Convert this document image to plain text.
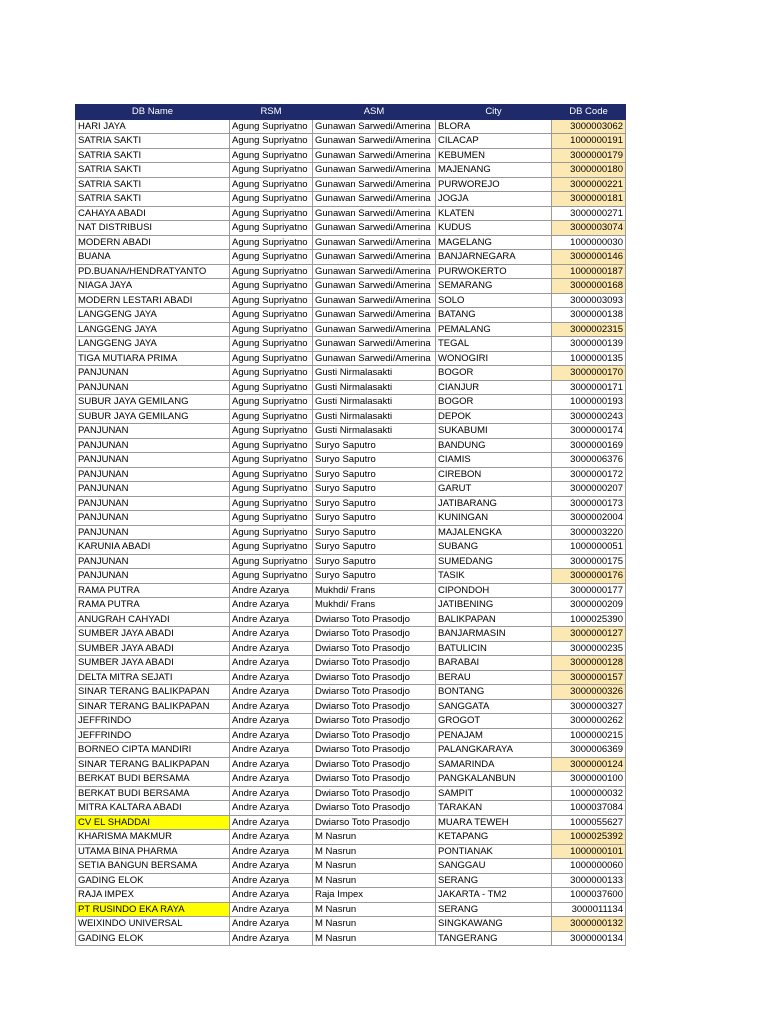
DB Name	RSM	ASM	City	DB Code
HARI JAYA	Agung Supriyatno	Gunawan Sarwedi/Amerina	BLORA	3000003062
SATRIA SAKTI	Agung Supriyatno	Gunawan Sarwedi/Amerina	CILACAP	1000000191
SATRIA SAKTI	Agung Supriyatno	Gunawan Sarwedi/Amerina	KEBUMEN	3000000179
SATRIA SAKTI	Agung Supriyatno	Gunawan Sarwedi/Amerina	MAJENANG	3000000180
SATRIA SAKTI	Agung Supriyatno	Gunawan Sarwedi/Amerina	PURWOREJO	3000000221
SATRIA SAKTI	Agung Supriyatno	Gunawan Sarwedi/Amerina	JOGJA	3000000181
CAHAYA ABADI	Agung Supriyatno	Gunawan Sarwedi/Amerina	KLATEN	3000000271
NAT DISTRIBUSI	Agung Supriyatno	Gunawan Sarwedi/Amerina	KUDUS	3000003074
MODERN ABADI	Agung Supriyatno	Gunawan Sarwedi/Amerina	MAGELANG	1000000030
BUANA	Agung Supriyatno	Gunawan Sarwedi/Amerina	BANJARNEGARA	3000000146
PD.BUANA/HENDRATYANTO	Agung Supriyatno	Gunawan Sarwedi/Amerina	PURWOKERTO	1000000187
NIAGA JAYA	Agung Supriyatno	Gunawan Sarwedi/Amerina	SEMARANG	3000000168
MODERN LESTARI ABADI	Agung Supriyatno	Gunawan Sarwedi/Amerina	SOLO	3000003093
LANGGENG JAYA	Agung Supriyatno	Gunawan Sarwedi/Amerina	BATANG	3000000138
LANGGENG JAYA	Agung Supriyatno	Gunawan Sarwedi/Amerina	PEMALANG	3000002315
LANGGENG JAYA	Agung Supriyatno	Gunawan Sarwedi/Amerina	TEGAL	3000000139
TIGA MUTIARA PRIMA	Agung Supriyatno	Gunawan Sarwedi/Amerina	WONOGIRI	1000000135
PANJUNAN	Agung Supriyatno	Gusti Nirmalasakti	BOGOR	3000000170
PANJUNAN	Agung Supriyatno	Gusti Nirmalasakti	CIANJUR	3000000171
SUBUR JAYA GEMILANG	Agung Supriyatno	Gusti Nirmalasakti	BOGOR	1000000193
SUBUR JAYA GEMILANG	Agung Supriyatno	Gusti Nirmalasakti	DEPOK	3000000243
PANJUNAN	Agung Supriyatno	Gusti Nirmalasakti	SUKABUMI	3000000174
PANJUNAN	Agung Supriyatno	Suryo Saputro	BANDUNG	3000000169
PANJUNAN	Agung Supriyatno	Suryo Saputro	CIAMIS	3000006376
PANJUNAN	Agung Supriyatno	Suryo Saputro	CIREBON	3000000172
PANJUNAN	Agung Supriyatno	Suryo Saputro	GARUT	3000000207
PANJUNAN	Agung Supriyatno	Suryo Saputro	JATIBARANG	3000000173
PANJUNAN	Agung Supriyatno	Suryo Saputro	KUNINGAN	3000002004
PANJUNAN	Agung Supriyatno	Suryo Saputro	MAJALENGKA	3000003220
KARUNIA ABADI	Agung Supriyatno	Suryo Saputro	SUBANG	1000000051
PANJUNAN	Agung Supriyatno	Suryo Saputro	SUMEDANG	3000000175
PANJUNAN	Agung Supriyatno	Suryo Saputro	TASIK	3000000176
RAMA PUTRA	Andre Azarya	Mukhdi/ Frans	CIPONDOH	3000000177
RAMA PUTRA	Andre Azarya	Mukhdi/ Frans	JATIBENING	3000000209
ANUGRAH CAHYADI	Andre Azarya	Dwiarso Toto Prasodjo	BALIKPAPAN	1000025390
SUMBER JAYA ABADI	Andre Azarya	Dwiarso Toto Prasodjo	BANJARMASIN	3000000127
SUMBER JAYA ABADI	Andre Azarya	Dwiarso Toto Prasodjo	BATULICIN	3000000235
SUMBER JAYA ABADI	Andre Azarya	Dwiarso Toto Prasodjo	BARABAI	3000000128
DELTA MITRA SEJATI	Andre Azarya	Dwiarso Toto Prasodjo	BERAU	3000000157
SINAR TERANG BALIKPAPAN	Andre Azarya	Dwiarso Toto Prasodjo	BONTANG	3000000326
SINAR TERANG BALIKPAPAN	Andre Azarya	Dwiarso Toto Prasodjo	SANGGATA	3000000327
JEFFRINDO	Andre Azarya	Dwiarso Toto Prasodjo	GROGOT	3000000262
JEFFRINDO	Andre Azarya	Dwiarso Toto Prasodjo	PENAJAM	1000000215
BORNEO CIPTA MANDIRI	Andre Azarya	Dwiarso Toto Prasodjo	PALANGKARAYA	3000006369
SINAR TERANG BALIKPAPAN	Andre Azarya	Dwiarso Toto Prasodjo	SAMARINDA	3000000124
BERKAT BUDI BERSAMA	Andre Azarya	Dwiarso Toto Prasodjo	PANGKALANBUN	3000000100
BERKAT BUDI BERSAMA	Andre Azarya	Dwiarso Toto Prasodjo	SAMPIT	1000000032
MITRA KALTARA ABADI	Andre Azarya	Dwiarso Toto Prasodjo	TARAKAN	1000037084
CV EL SHADDAI	Andre Azarya	Dwiarso Toto Prasodjo	MUARA TEWEH	1000055627
KHARISMA MAKMUR	Andre Azarya	M Nasrun	KETAPANG	1000025392
UTAMA BINA PHARMA	Andre Azarya	M Nasrun	PONTIANAK	1000000101
SETIA BANGUN BERSAMA	Andre Azarya	M Nasrun	SANGGAU	1000000060
GADING ELOK	Andre Azarya	M Nasrun	SERANG	3000000133
RAJA IMPEX	Andre Azarya	Raja Impex	JAKARTA - TM2	1000037600
PT RUSINDO EKA RAYA	Andre Azarya	M Nasrun	SERANG	3000011134
WEIXINDO UNIVERSAL	Andre Azarya	M Nasrun	SINGKAWANG	3000000132
GADING ELOK	Andre Azarya	M Nasrun	TANGERANG	3000000134
